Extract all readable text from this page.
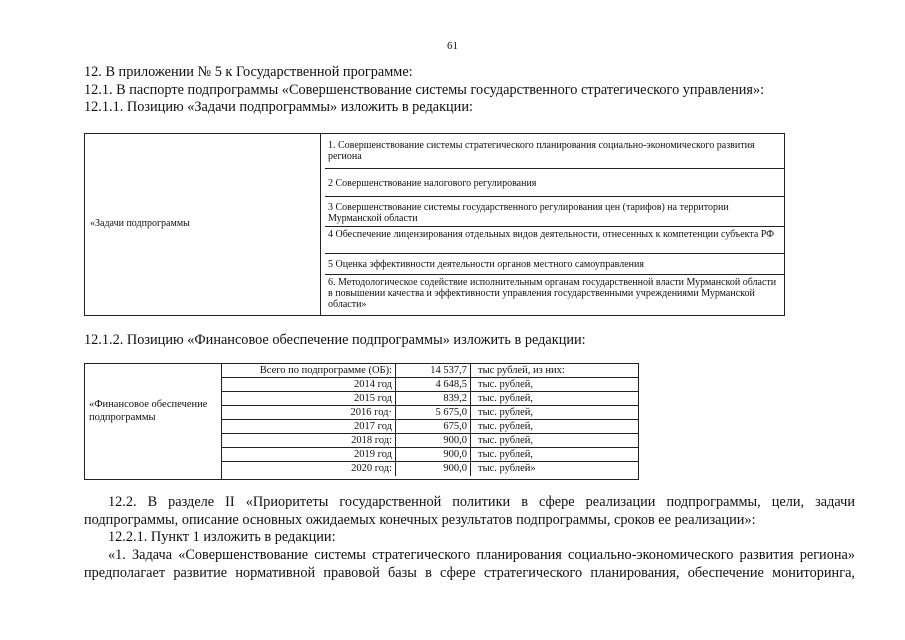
61
12. В приложении № 5 к Государственной программе:
12.1. В паспорте подпрограммы «Совершенствование системы государственного стратегического управления»:
12.1.1. Позицию «Задачи подпрограммы» изложить в редакции:
«Задачи подпрограммы
1. Совершенствование системы стратегического планирования социально-экономического развития региона
2 Совершенствование налогового регулирования
3 Совершенствование системы государственного регулирования цен (тарифов) на территории Мурманской области
4 Обеспечение лицензирования отдельных видов деятельности, отнесенных к компетенции субъекта РФ
5 Оценка эффективности деятельности органов местного самоуправления
6. Методологическое содействие исполнительным органам государственной власти Мурманской области в повышении качества и эффективности управления государственными учреждениями Мурманской области»
12.1.2. Позицию «Финансовое обеспечение подпрограммы» изложить в редакции:
«Финансовое обеспечение подпрограммы
Всего по подпрограмме (ОБ):	14 537,7	тыс рублей, из них:
2014 год	4 648,5	тыс. рублей,
2015 год	839,2	тыс. рублей,
2016 год·	5 675,0	тыс. рублей,
2017 год	675,0	тыс. рублей,
2018 год:	900,0	тыс. рублей,
2019 год	900,0	тыс. рублей,
2020 год:	900,0	тыс. рублей»
12.2. В разделе II «Приоритеты государственной политики в сфере реализации подпрограммы, цели, задачи
подпрограммы, описание основных ожидаемых конечных результатов подпрограммы, сроков ее реализации»:
12.2.1. Пункт 1 изложить в редакции:
«1. Задача «Совершенствование системы стратегического планирования социально-экономического развития региона»
предполагает развитие нормативной правовой базы в сфере стратегического планирования, обеспечение мониторинга,
